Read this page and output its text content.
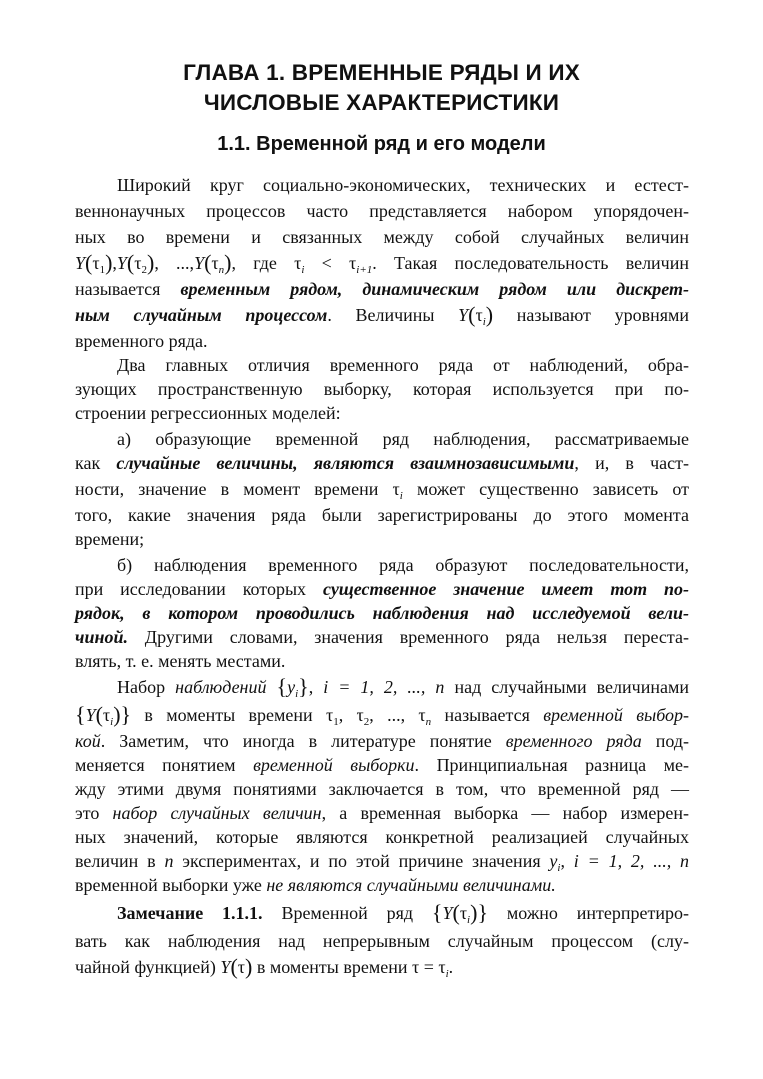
ГЛАВА 1. ВРЕМЕННЫЕ РЯДЫ И ИХ
ЧИСЛОВЫЕ ХАРАКТЕРИСТИКИ
1.1. Временной ряд и его модели
Широкий круг социально-экономических, технических и естест-
веннонаучных процессов часто представляется набором упорядочен-
ных во времени и связанных между собой случайных величин
$Y(\tau_1),Y(\tau_2)$, $...,Y(\tau_n)$, где $\tau_i < \tau_{i+1}$. Такая последовательность величин
называется временным рядом, динамическим рядом или дискрет-
ным случайным процессом. Величины $Y(\tau_i)$ называют уровнями
временного ряда.
Два главных отличия временного ряда от наблюдений, обра-
зующих пространственную выборку, которая используется при по-
строении регрессионных моделей:
а) образующие временной ряд наблюдения, рассматриваемые
как случайные величины, являются взаимнозависимыми, и, в част-
ности, значение в момент времени $\tau_i$ может существенно зависеть от
того, какие значения ряда были зарегистрированы до этого момента
времени;
б) наблюдения временного ряда образуют последовательности,
при исследовании которых существенное значение имеет тот по-
рядок, в котором проводились наблюдения над исследуемой вели-
чиной. Другими словами, значения временного ряда нельзя переста-
влять, т. е. менять местами.
Набор наблюдений $\{y_i\}$, i = 1, 2, ..., n над случайными величинами
$\{Y(\tau_i)\}$ в моменты времени $\tau_1$, $\tau_2$, ..., $\tau_n$ называется временной выбор-
кой. Заметим, что иногда в литературе понятие временного ряда под-
меняется понятием временной выборки. Принципиальная разница ме-
жду этими двумя понятиями заключается в том, что временной ряд —
это набор случайных величин, а временная выборка — набор измерен-
ных значений, которые являются конкретной реализацией случайных
величин в n экспериментах, и по этой причине значения $y_i$, i = 1, 2, ..., n
временной выборки уже не являются случайными величинами.
Замечание 1.1.1. Временной ряд $\{Y(\tau_i)\}$ можно интерпретиро-
вать как наблюдения над непрерывным случайным процессом (слу-
чайной функцией) Y(τ) в моменты времени $\tau = \tau_i$.
